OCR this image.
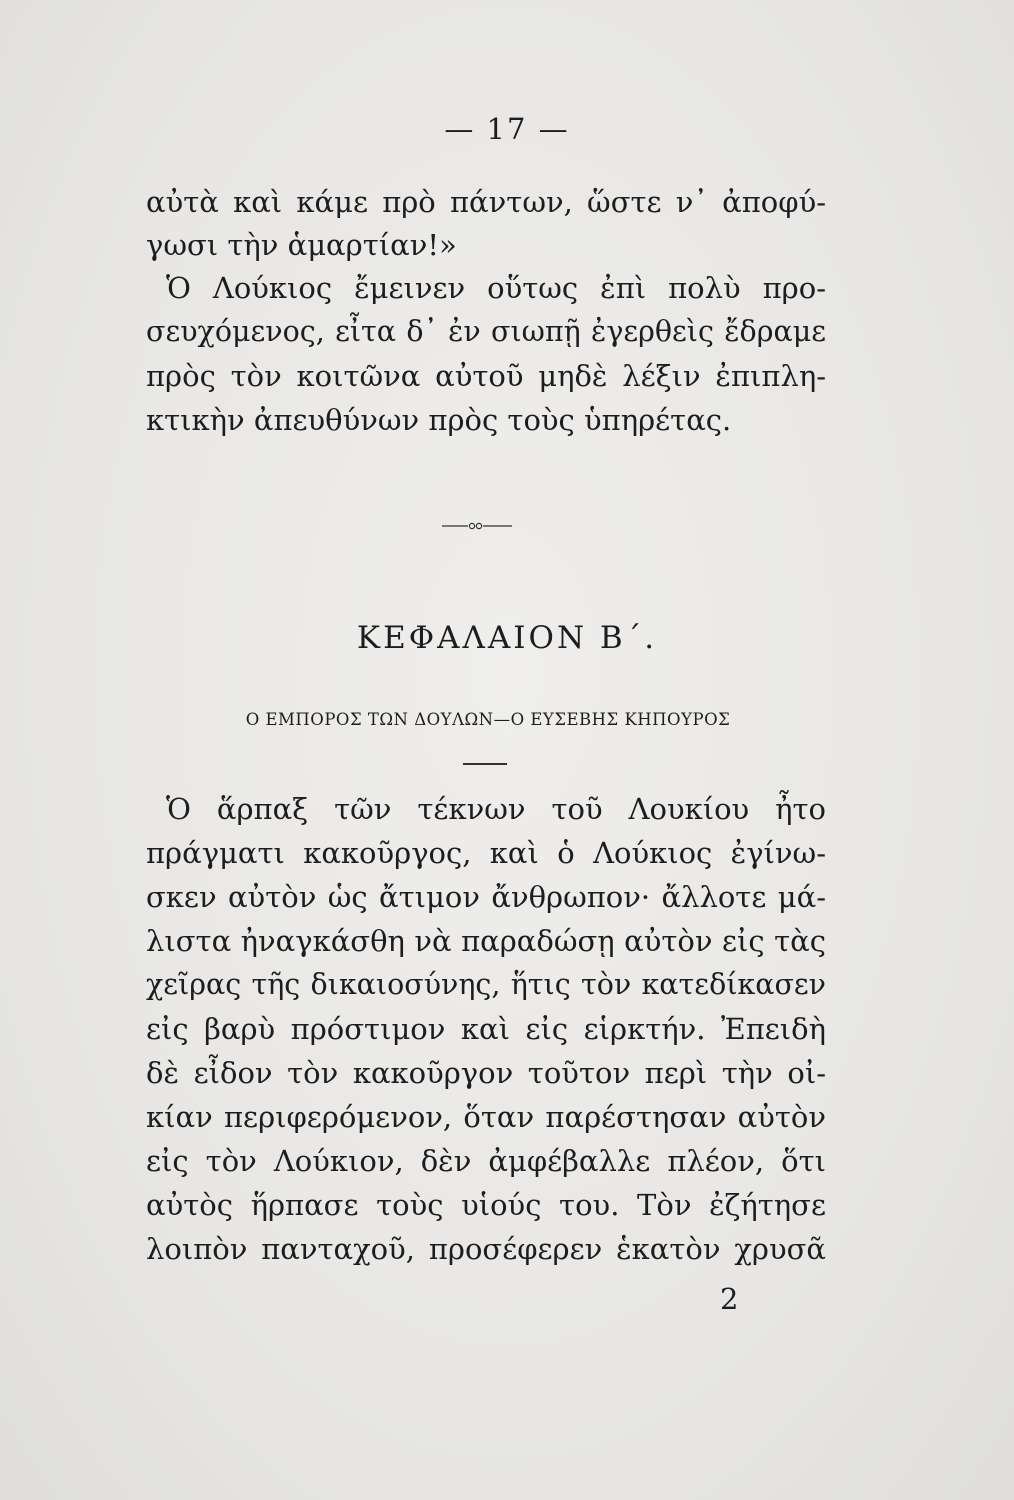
— 17 —
αὐτὰ καὶ κάμε πρὸ πάντων, ὥστε ν᾽ ἀποφύ-
γωσι τὴν ἁμαρτίαν!»
Ὁ Λούκιος ἔμεινεν οὕτως ἐπὶ πολὺ προ-
σευχόμενος, εἶτα δ᾽ ἐν σιωπῇ ἐγερθεὶς ἔδραμε
πρὸς τὸν κοιτῶνα αὐτοῦ μηδὲ λέξιν ἐπιπλη-
κτικὴν ἀπευθύνων πρὸς τοὺς ὑπηρέτας.
ΚΕΦΑΛΑΙΟΝ Β΄.
Ο ΕΜΠΟΡΟΣ ΤΩΝ ΔΟΥΛΩΝ—Ο ΕΥΣΕΒΗΣ ΚΗΠΟΥΡΟΣ
Ὁ ἅρπαξ τῶν τέκνων τοῦ Λουκίου ἦτο
πράγματι κακοῦργος, καὶ ὁ Λούκιος ἐγίνω-
σκεν αὐτὸν ὡς ἄτιμον ἄνθρωπον· ἄλλοτε μά-
λιστα ἠναγκάσθη νὰ παραδώσῃ αὐτὸν εἰς τὰς
χεῖρας τῆς δικαιοσύνης, ἥτις τὸν κατεδίκασεν
εἰς βαρὺ πρόστιμον καὶ εἰς εἱρκτήν. Ἐπειδὴ
δὲ εἶδον τὸν κακοῦργον τοῦτον περὶ τὴν οἰ-
κίαν περιφερόμενον, ὅταν παρέστησαν αὐτὸν
εἰς τὸν Λούκιον, δὲν ἀμφέβαλλε πλέον, ὅτι
αὐτὸς ἥρπασε τοὺς υἱούς του. Τὸν ἐζήτησε
λοιπὸν πανταχοῦ, προσέφερεν ἑκατὸν χρυσᾶ
2
